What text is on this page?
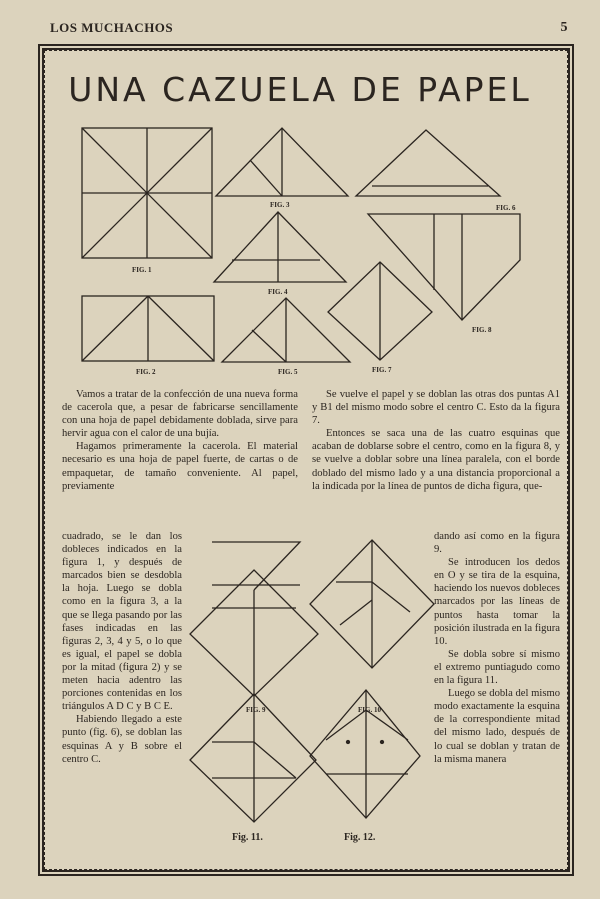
LOS MUCHACHOS	5
UNA CAZUELA DE PAPEL
FIG. 1
FIG. 2
FIG. 3
FIG. 4
FIG. 5
FIG. 6
FIG. 7
FIG. 8
FIG. 9	FIG. 10
Fig. 11.	Fig. 12.

Vamos a tratar de la confección de una nueva forma de cacerola que, a pesar de fabricarse sencillamente con una hoja de papel debidamente doblada, sirve para hervir agua con el calor de una bujía.

Hagamos primeramente la cacerola. El material necesario es una hoja de papel fuerte, de cartas o de empaquetar, de tamaño conveniente. Al papel, previamente

cuadrado, se le dan los dobleces indicados en la figura 1, y después de marcados bien se desdobla la hoja. Luego se dobla como en la figura 3, a la que se llega pasando por las fases indicadas en las figuras 2, 3, 4 y 5, o lo que es igual, el papel se dobla por la mitad (figura 2) y se meten hacia adentro las porciones contenidas en los triángulos A D C y B C E.

Habiendo llegado a este punto (fig. 6), se doblan las esquinas A y B sobre el centro C.

Se vuelve el papel y se doblan las otras dos puntas A1 y B1 del mismo modo sobre el centro C. Esto da la figura 7.

Entonces se saca una de las cuatro esquinas que acaban de doblarse sobre el centro, como en la figura 8, y se vuelve a doblar sobre una línea paralela, con el borde doblado del mismo lado y a una distancia proporcional a la indicada por la línea de puntos de dicha figura, que-

dando así como en la figura 9.

Se introducen los dedos en O y se tira de la esquina, haciendo los nuevos dobleces marcados por las líneas de puntos hasta tomar la posición ilustrada en la figura 10.

Se dobla sobre sí mismo el extremo puntiagudo como en la figura 11.

Luego se dobla del mismo modo exactamente la esquina de la correspondiente mitad del mismo lado, después de lo cual se doblan y tratan de la misma manera
